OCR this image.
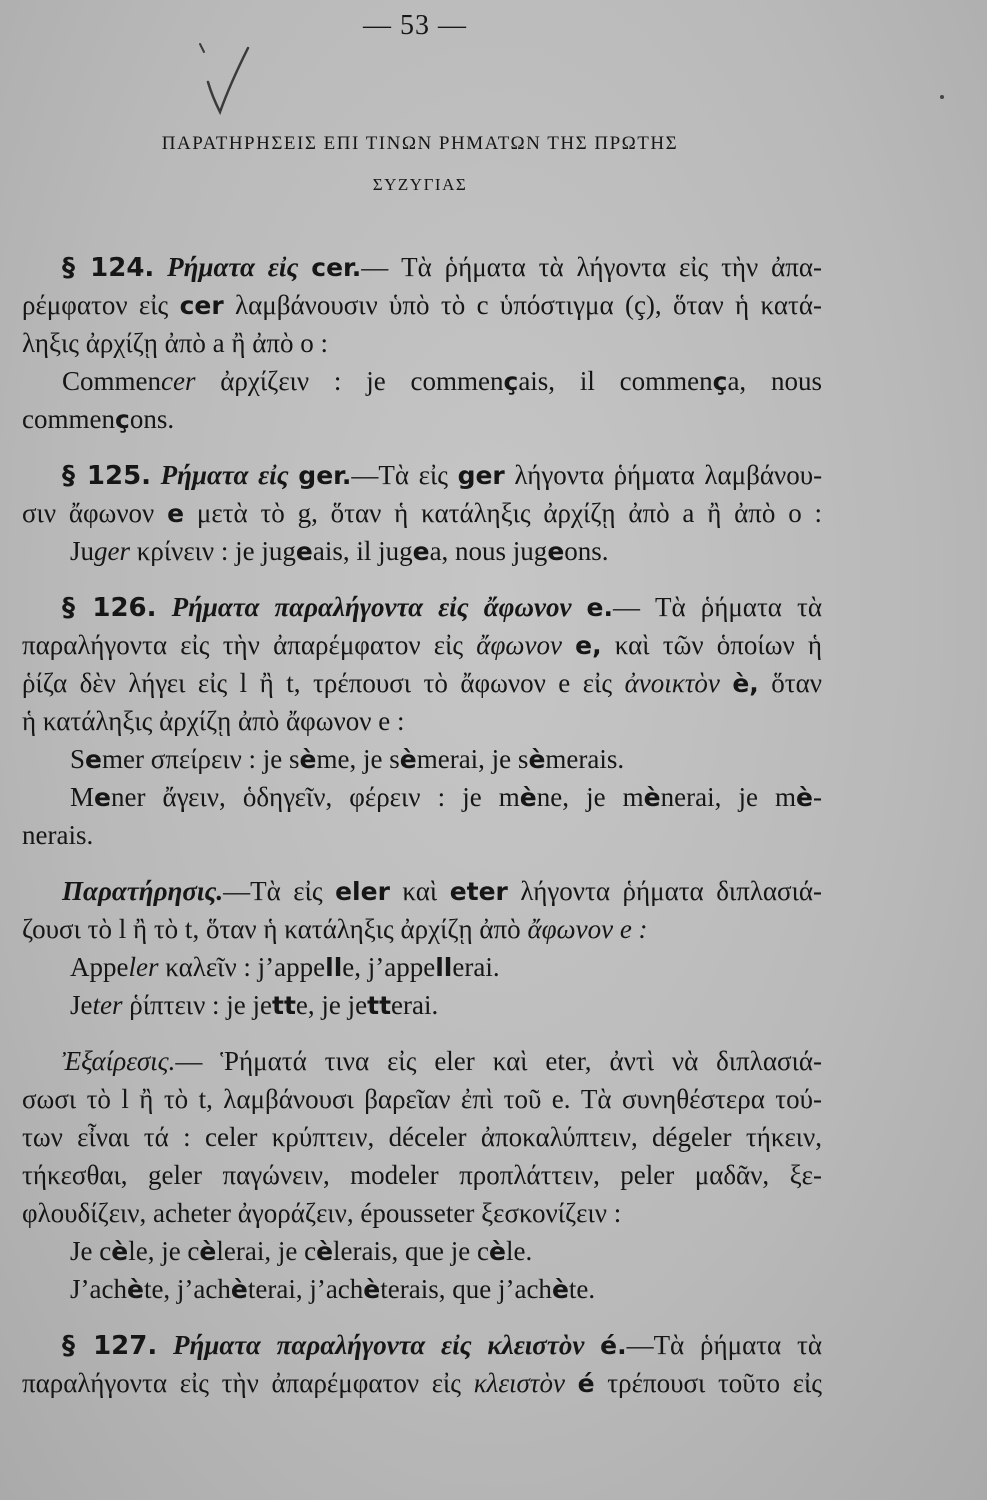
— 53 —
ΠΑΡΑΤΗΡΗΣΕΙΣ ΕΠΙ ΤΙΝΩΝ ΡΗΜΑΤΩΝ ΤΗΣ ΠΡΩΤΗΣ
ΣΥΖΥΓΙΑΣ
§ 124. Ρήματα εἰς cer.— Τὰ ῥήματα τὰ λήγοντα εἰς τὴν ἀπα-
ρέμφατον εἰς cer λαμβάνουσιν ὑπὸ τὸ c ὑπόστιγμα (ç), ὅταν ἡ κατά-
ληξις ἀρχίζῃ ἀπὸ a ἢ ἀπὸ o :
Commencer ἀρχίζειν : je commençais, il commença, nous
commençons.
§ 125. Ρήματα εἰς ger.—Τὰ εἰς ger λήγοντα ῥήματα λαμβάνου-
σιν ἄφωνον e μετὰ τὸ g, ὅταν ἡ κατάληξις ἀρχίζῃ ἀπὸ a ἢ ἀπὸ o :
Juger κρίνειν : je jugeais, il jugea, nous jugeons.
§ 126. Ρήματα παραλήγοντα εἰς ἄφωνον e.— Τὰ ῥήματα τὰ
παραλήγοντα εἰς τὴν ἀπαρέμφατον εἰς ἄφωνον e, καὶ τῶν ὁποίων ἡ
ῥίζα δὲν λήγει εἰς l ἢ t, τρέπουσι τὸ ἄφωνον e εἰς ἀνοικτὸν è, ὅταν
ἡ κατάληξις ἀρχίζῃ ἀπὸ ἄφωνον e :
Semer σπείρειν : je sème, je sèmerai, je sèmerais.
Mener ἄγειν, ὁδηγεῖν, φέρειν : je mène, je mènerai, je mè-
nerais.
Παρατήρησις.—Τὰ εἰς eler καὶ eter λήγοντα ῥήματα διπλασιά-
ζουσι τὸ l ἢ τὸ t, ὅταν ἡ κατάληξις ἀρχίζῃ ἀπὸ ἄφωνον e :
Appeler καλεῖν : j’appelle, j’appellerai.
Jeter ῥίπτειν : je jette, je jetterai.
Ἐξαίρεσις.— Ῥήματά τινα εἰς eler καὶ eter, ἀντὶ νὰ διπλασιά-
σωσι τὸ l ἢ τὸ t, λαμβάνουσι βαρεῖαν ἐπὶ τοῦ e. Τὰ συνηθέστερα τού-
των εἶναι τά : celer κρύπτειν, déceler ἀποκαλύπτειν, dégeler τήκειν,
τήκεσθαι, geler παγώνειν, modeler προπλάττειν, peler μαδᾶν, ξε-
φλουδίζειν, acheter ἀγοράζειν, épousseter ξεσκονίζειν :
Je cèle, je cèlerai, je cèlerais, que je cèle.
J’achète, j’achèterai, j’achèterais, que j’achète.
§ 127. Ρήματα παραλήγοντα εἰς κλειστὸν é.—Τὰ ῥήματα τὰ
παραλήγοντα εἰς τὴν ἀπαρέμφατον εἰς κλειστὸν é τρέπουσι τοῦτο εἰς
